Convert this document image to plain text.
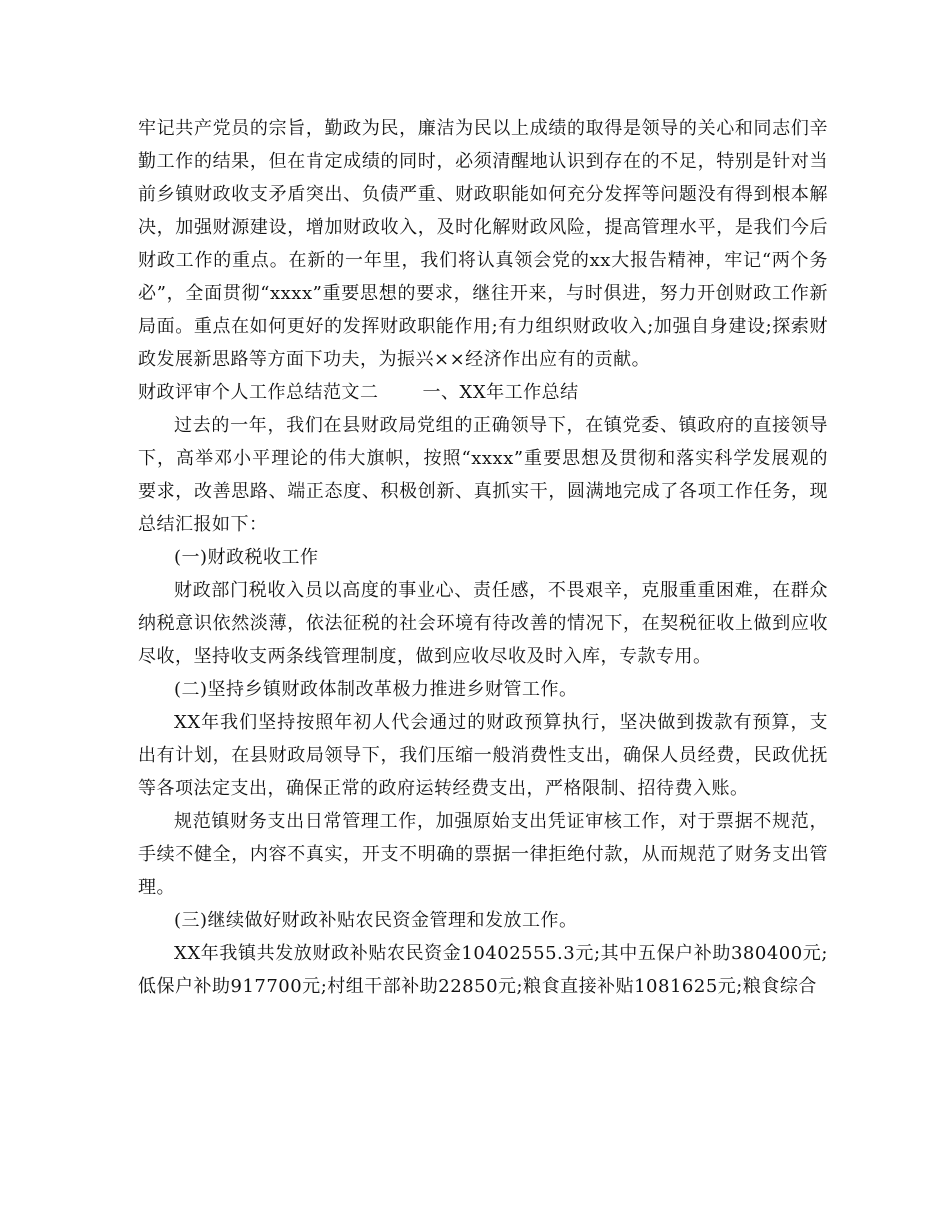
牢记共产党员的宗旨，勤政为民，廉洁为民以上成绩的取得是领导的关心和同志们辛勤工作的结果，但在肯定成绩的同时，必须清醒地认识到存在的不足，特别是针对当前乡镇财政收支矛盾突出、负债严重、财政职能如何充分发挥等问题没有得到根本解决，加强财源建设，增加财政收入，及时化解财政风险，提高管理水平，是我们今后财政工作的重点。在新的一年里，我们将认真领会党的xx大报告精神，牢记“两个务必”，全面贯彻“xxxx”重要思想的要求，继往开来，与时俱进，努力开创财政工作新局面。重点在如何更好的发挥财政职能作用;有力组织财政收入;加强自身建设;探索财政发展新思路等方面下功夫，为振兴××经济作出应有的贡献。

财政评审个人工作总结范文二 一、XX年工作总结

过去的一年，我们在县财政局党组的正确领导下，在镇党委、镇政府的直接领导下，高举邓小平理论的伟大旗帜，按照“xxxx”重要思想及贯彻和落实科学发展观的要求，改善思路、端正态度、积极创新、真抓实干，圆满地完成了各项工作任务，现总结汇报如下：

(一)财政税收工作

财政部门税收入员以高度的事业心、责任感，不畏艰辛，克服重重困难，在群众纳税意识依然淡薄，依法征税的社会环境有待改善的情况下，在契税征收上做到应收尽收，坚持收支两条线管理制度，做到应收尽收及时入库，专款专用。

(二)坚持乡镇财政体制改革极力推进乡财管工作。

XX年我们坚持按照年初人代会通过的财政预算执行，坚决做到拨款有预算，支出有计划，在县财政局领导下，我们压缩一般消费性支出，确保人员经费，民政优抚等各项法定支出，确保正常的政府运转经费支出，严格限制、招待费入账。

规范镇财务支出日常管理工作，加强原始支出凭证审核工作，对于票据不规范，手续不健全，内容不真实，开支不明确的票据一律拒绝付款，从而规范了财务支出管理。

(三)继续做好财政补贴农民资金管理和发放工作。

XX年我镇共发放财政补贴农民资金10402555.3元;其中五保户补助380400元;低保户补助917700元;村组干部补助22850元;粮食直接补贴1081625元;粮食综合
